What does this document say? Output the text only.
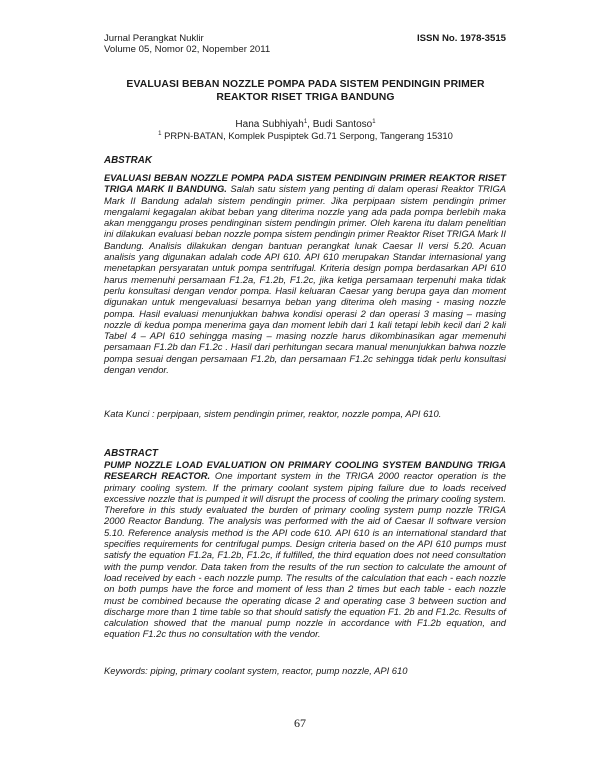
Jurnal Perangkat Nuklir
Volume 05, Nomor 02, Nopember 2011
ISSN No. 1978-3515
EVALUASI BEBAN NOZZLE POMPA PADA SISTEM PENDINGIN PRIMER
REAKTOR RISET TRIGA BANDUNG
Hana Subhiyah$^1$, Budi Santoso$^1$
$^1$ PRPN-BATAN, Komplek Puspiptek Gd.71 Serpong, Tangerang 15310
ABSTRAK
EVALUASI BEBAN NOZZLE POMPA PADA SISTEM PENDINGIN PRIMER REAKTOR RISET TRIGA MARK II BANDUNG. Salah satu sistem yang penting di dalam operasi Reaktor TRIGA Mark II Bandung adalah sistem pendingin primer. Jika perpipaan sistem pendingin primer mengalami kegagalan akibat beban yang diterima nozzle yang ada pada pompa berlebih maka akan menggangu proses pendinginan sistem pendingin primer. Oleh karena itu dalam penelitian ini dilakukan evaluasi beban nozzle pompa sistem pendingin primer Reaktor Riset TRIGA Mark II Bandung. Analisis dilakukan dengan bantuan perangkat lunak Caesar II versi 5.20. Acuan analisis yang digunakan adalah code API 610. API 610 merupakan Standar internasional yang menetapkan persyaratan untuk pompa sentrifugal. Kriteria design pompa berdasarkan API 610 harus memenuhi persamaan F1.2a, F1.2b, F1.2c, jika ketiga persamaan terpenuhi maka tidak perlu konsultasi dengan vendor pompa. Hasil keluaran Caesar yang berupa gaya dan moment digunakan untuk mengevaluasi besarnya beban yang diterima oleh masing - masing nozzle pompa. Hasil evaluasi menunjukkan bahwa kondisi operasi 2 dan operasi 3 masing – masing nozzle di kedua pompa menerima gaya dan moment lebih dari 1 kali tetapi lebih kecil dari 2 kali Tabel 4 – API 610 sehingga masing – masing nozzle harus dikombinasikan agar memenuhi persamaan F1.2b dan F1.2c . Hasil dari perhitungan secara manual menunjukkan bahwa nozzle pompa sesuai dengan persamaan F1.2b, dan persamaan F1.2c sehingga tidak perlu konsultasi dengan vendor.
Kata Kunci : perpipaan, sistem pendingin primer, reaktor, nozzle pompa, API 610.
ABSTRACT
PUMP NOZZLE LOAD EVALUATION ON PRIMARY COOLING SYSTEM BANDUNG TRIGA RESEARCH REACTOR. One important system in the TRIGA 2000 reactor operation is the primary cooling system. If the primary coolant system piping failure due to loads received excessive nozzle that is pumped it will disrupt the process of cooling the primary cooling system. Therefore in this study evaluated the burden of primary cooling system pump nozzle TRIGA 2000 Reactor Bandung. The analysis was performed with the aid of Caesar II software version 5.10. Reference analysis method is the API code 610. API 610 is an international standard that specifies requirements for centrifugal pumps. Design criteria based on the API 610 pumps must satisfy the equation F1.2a, F1.2b, F1.2c, if fulfilled, the third equation does not need consultation with the pump vendor. Data taken from the results of the run section to calculate the amount of load received by each - each nozzle pump. The results of the calculation that each - each nozzle on both pumps have the force and moment of less than 2 times but each table - each nozzle must be combined because the operating dicase 2 and operating case 3 between suction and discharge more than 1 time table so that should satisfy the equation F1. 2b and F1.2c. Results of calculation showed that the manual pump nozzle in accordance with F1.2b equation, and equation F1.2c thus no consultation with the vendor.
Keywords: piping, primary coolant system, reactor, pump nozzle, API 610
67
